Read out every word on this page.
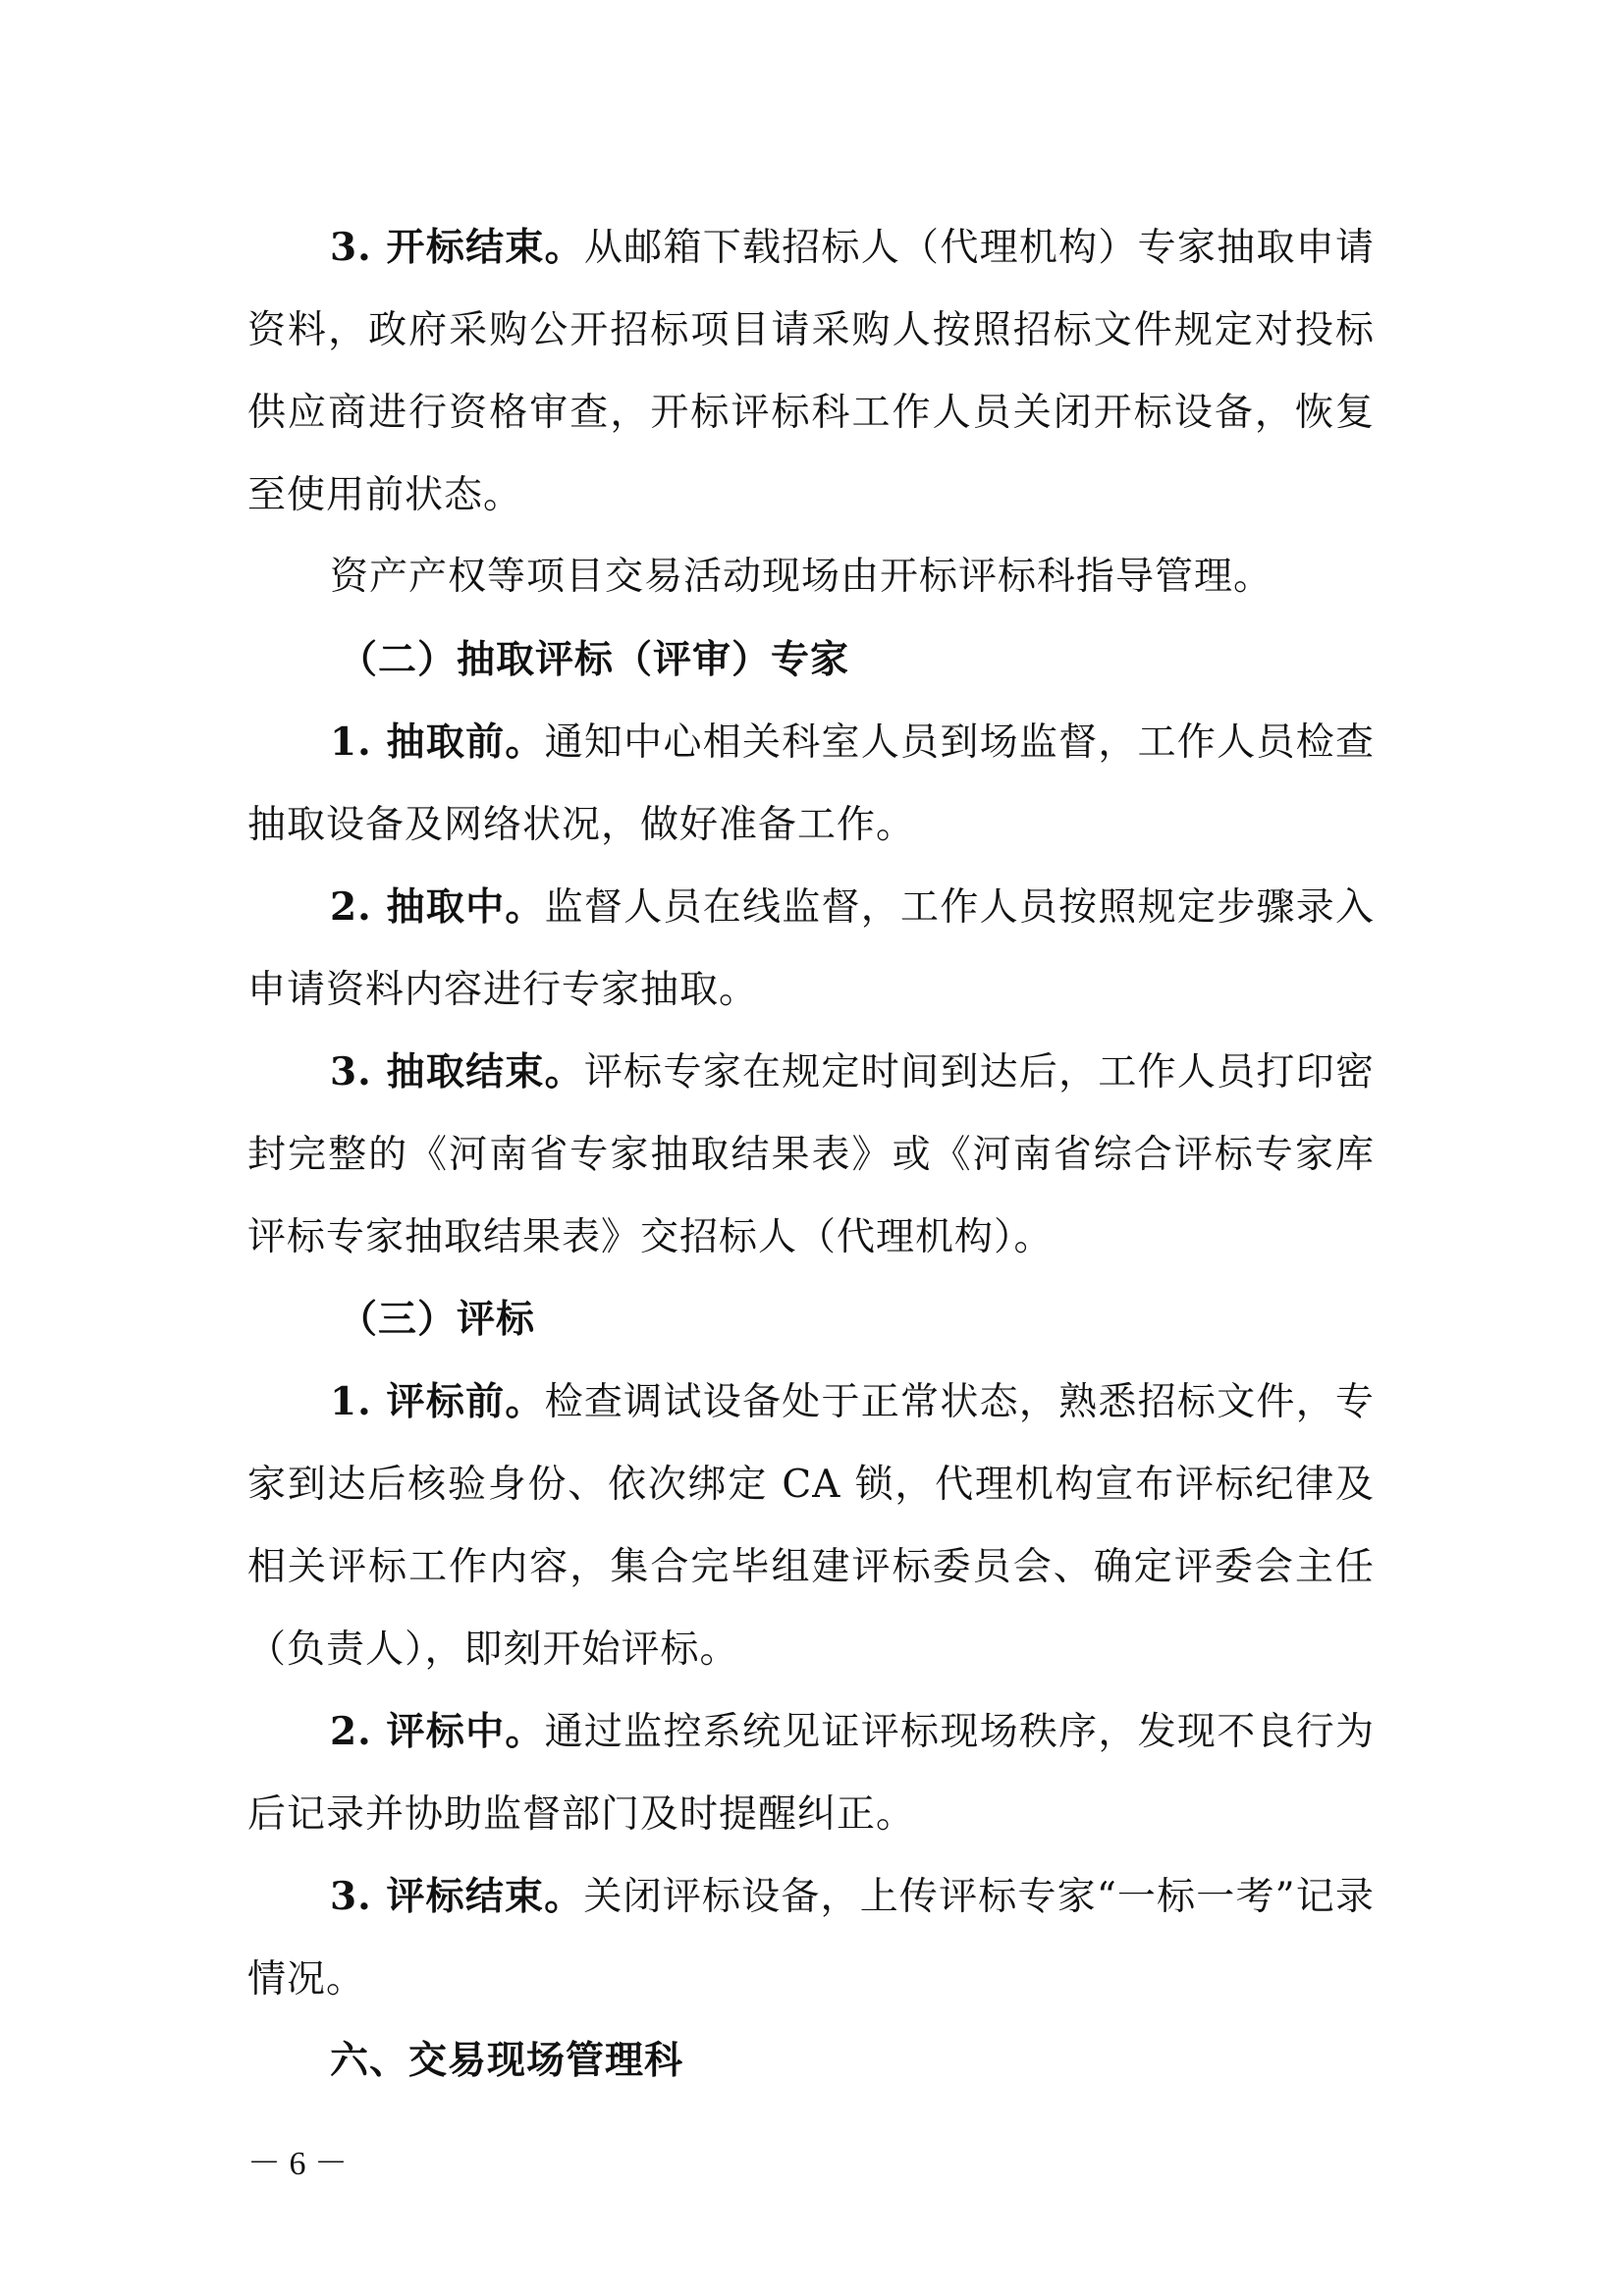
3. 开标结束。从邮箱下载招标人（代理机构）专家抽取申请资料，政府采购公开招标项目请采购人按照招标文件规定对投标供应商进行资格审查，开标评标科工作人员关闭开标设备，恢复至使用前状态。

资产产权等项目交易活动现场由开标评标科指导管理。

（二）抽取评标（评审）专家

1. 抽取前。通知中心相关科室人员到场监督，工作人员检查抽取设备及网络状况，做好准备工作。

2. 抽取中。监督人员在线监督，工作人员按照规定步骤录入申请资料内容进行专家抽取。

3. 抽取结束。评标专家在规定时间到达后，工作人员打印密封完整的《河南省专家抽取结果表》或《河南省综合评标专家库评标专家抽取结果表》交招标人（代理机构）。

（三）评标

1. 评标前。检查调试设备处于正常状态，熟悉招标文件，专家到达后核验身份、依次绑定 CA 锁，代理机构宣布评标纪律及相关评标工作内容，集合完毕组建评标委员会、确定评委会主任（负责人），即刻开始评标。

2. 评标中。通过监控系统见证评标现场秩序，发现不良行为后记录并协助监督部门及时提醒纠正。

3. 评标结束。关闭评标设备，上传评标专家“一标一考”记录情况。

六、交易现场管理科

－ 6 －
